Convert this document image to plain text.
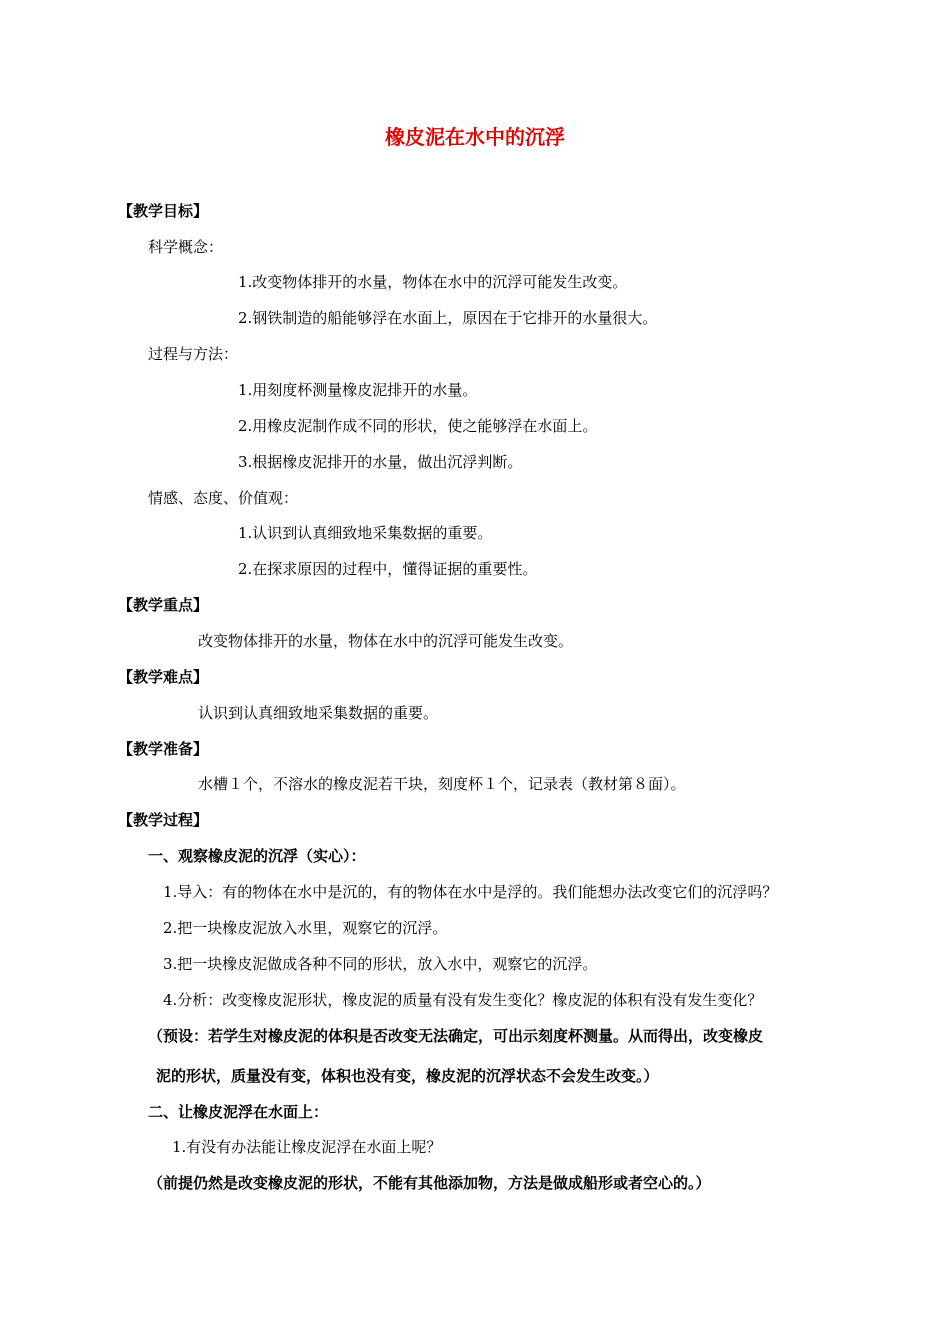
橡皮泥在水中的沉浮
【教学目标】
科学概念：
1.改变物体排开的水量，物体在水中的沉浮可能发生改变。
2.钢铁制造的船能够浮在水面上，原因在于它排开的水量很大。
过程与方法：
1.用刻度杯测量橡皮泥排开的水量。
2.用橡皮泥制作成不同的形状，使之能够浮在水面上。
3.根据橡皮泥排开的水量，做出沉浮判断。
情感、态度、价值观：
1.认识到认真细致地采集数据的重要。
2.在探求原因的过程中，懂得证据的重要性。
【教学重点】
改变物体排开的水量，物体在水中的沉浮可能发生改变。
【教学难点】
认识到认真细致地采集数据的重要。
【教学准备】
水槽１个，不溶水的橡皮泥若干块，刻度杯１个，记录表（教材第８面）。
【教学过程】
一、观察橡皮泥的沉浮（实心）：
1.导入：有的物体在水中是沉的，有的物体在水中是浮的。我们能想办法改变它们的沉浮吗？
2.把一块橡皮泥放入水里，观察它的沉浮。
3.把一块橡皮泥做成各种不同的形状，放入水中，观察它的沉浮。
4.分析：改变橡皮泥形状，橡皮泥的质量有没有发生变化？橡皮泥的体积有没有发生变化？
（预设：若学生对橡皮泥的体积是否改变无法确定，可出示刻度杯测量。从而得出，改变橡皮
泥的形状，质量没有变，体积也没有变，橡皮泥的沉浮状态不会发生改变。）
二、让橡皮泥浮在水面上：
1.有没有办法能让橡皮泥浮在水面上呢？
（前提仍然是改变橡皮泥的形状，不能有其他添加物，方法是做成船形或者空心的。）
